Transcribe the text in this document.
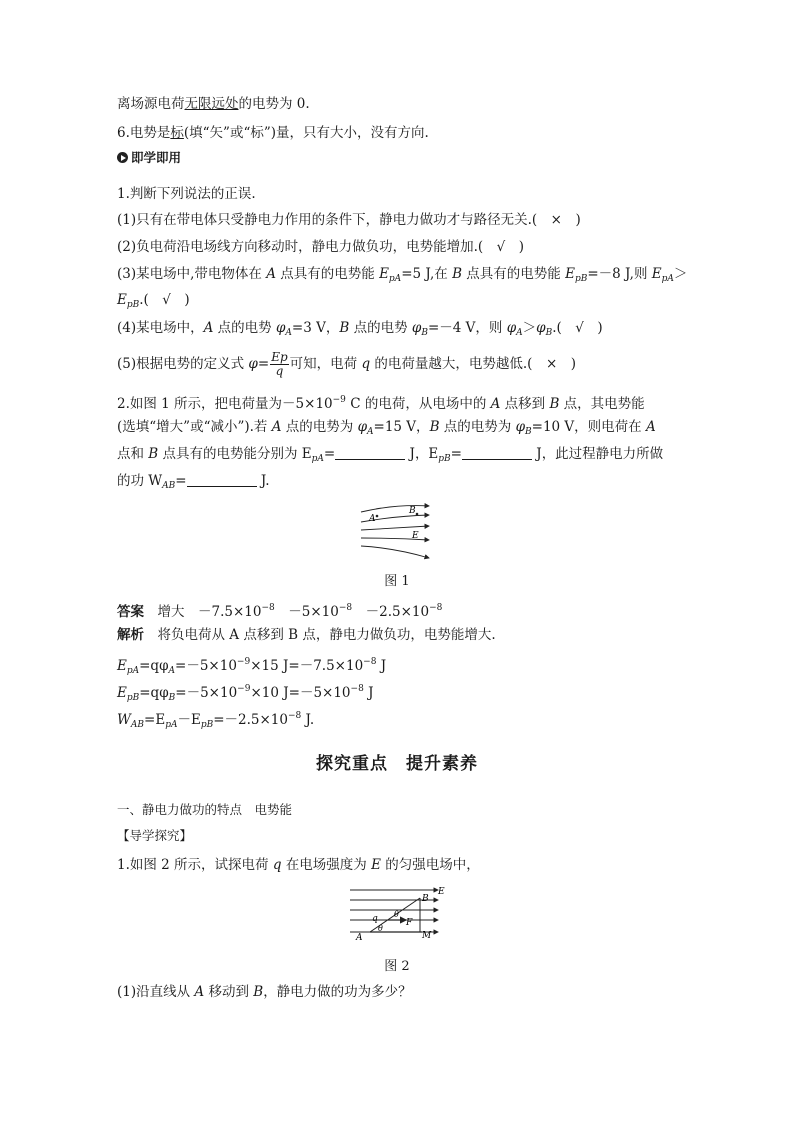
离场源电荷无限远处的电势为 0.
6.电势是标(填“矢”或“标”)量，只有大小，没有方向.
即学即用
1.判断下列说法的正误.
(1)只有在带电体只受静电力作用的条件下，静电力做功才与路径无关.(　×　)
(2)负电荷沿电场线方向移动时，静电力做负功，电势能增加.(　√　)
(3)某电场中,带电物体在 A 点具有的电势能 $E_{pA}=5$ J,在 B 点具有的电势能 $E_{pB}=-8$ J,则 $E_{pA}>$
$E_{pB}$.(　√　)
(4)某电场中，A 点的电势 $\varphi_A=3$ V，B 点的电势 $\varphi_B=-4$ V，则 $\varphi_A>\varphi_B$.(　√　)
(5)根据电势的定义式 $\varphi= \frac{Ep}{q}$ 可知，电荷 q 的电荷量越大，电势越低.(　×　)
2.如图 1 所示，把电荷量为$-5\times 10^{-9}$ C 的电荷，从电场中的 A 点移到 B 点，其电势能
(选填“增大”或“减小”).若 A 点的电势为 $\varphi_A=15$ V，B 点的电势为 $\varphi_B=10$ V，则电荷在 A
点和 B 点具有的电势能分别为 $E_{pA}=$	J，$E_{pB}=$	J，此过程静电力所做
的功 $W_{AB}=$	J.
A
B
E
图 1
答案　 增大　 $-7.5\times 10^{-8}$　 $-5\times 10^{-8}$　 $-2.5\times 10^{-8}$
解析　 将负电荷从 A 点移到 B 点，静电力做负功，电势能增大.
$E_{pA}=q\varphi_A=-5\times 10^{-9}\times 15$ $J=-7.5\times 10^{-8}$ J
$E_{pB}=q\varphi_B=-5\times 10^{-9}\times 10$ $J=-5\times 10^{-8}$ J
$W_{AB}=E_{pA}-E_{pB}=-2.5\times 10^{-8}$ J.
探究重点　提升素养
一、静电力做功的特点　电势能
【导学探究】
1.如图 2 所示，试探电荷 q 在电场强度为 E 的匀强电场中，
E
B
q θ
F
A
θ
M
图 2
(1)沿直线从 A 移动到 B，静电力做的功为多少？
